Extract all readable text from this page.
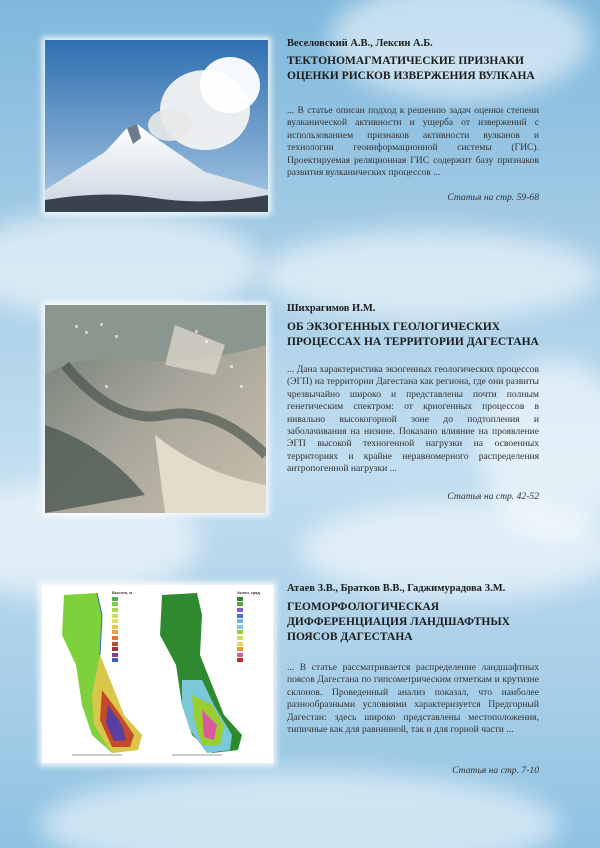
Веселовский А.В., Лексин А.Б.
ТЕКТОНОМАГМАТИЧЕСКИЕ ПРИЗНАКИ
ОЦЕНКИ РИСКОВ ИЗВЕРЖЕНИЯ ВУЛКАНА
... В статье описан подход к решению задач оценки степени вулканической активности и ущерба от извержений с использованием признаков активности вулканов и технологии геоинформационной системы (ГИС). Проектируемая реляционная ГИС содержит базу признаков развития вулканических процессов ...
Статья на стр. 59-68
Шихрагимов И.М.
ОБ ЭКЗОГЕННЫХ ГЕОЛОГИЧЕСКИХ
ПРОЦЕССАХ НА ТЕРРИТОРИИ ДАГЕСТАНА
... Дана характеристика экзогенных геологических процессов (ЭГП) на территории Дагестана как региона, где они развиты чрезвычайно широко и представлены почти полным генетическим спектром: от криогенных процессов в нивально высокогорной зоне до подтопления и заболачивания на низине. Показано влияние на проявление ЭГП высокой техногенной нагрузки на освоенных территориях и крайне неравномерного распределения антропогенной нагрузки ...
Статья на стр. 42-52
Высота, м	Уклон, град. Атаев З.В., Братков В.В., Гаджимурадова З.М.
ГЕОМОРФОЛОГИЧЕСКАЯ
ДИФФЕРЕНЦИАЦИЯ ЛАНДШАФТНЫХ
ПОЯСОВ ДАГЕСТАНА
... В статье рассматривается распределение ландшафтных поясов Дагестана по гипсометрическим отметкам и крутизне склонов. Проведенный анализ показал, что наиболее разнообразными условиями характеризуется Предгорный Дагестан: здесь широко представлены местоположения, типичные как для равнинной, так и для горной части ...
Статья на стр. 7-10
